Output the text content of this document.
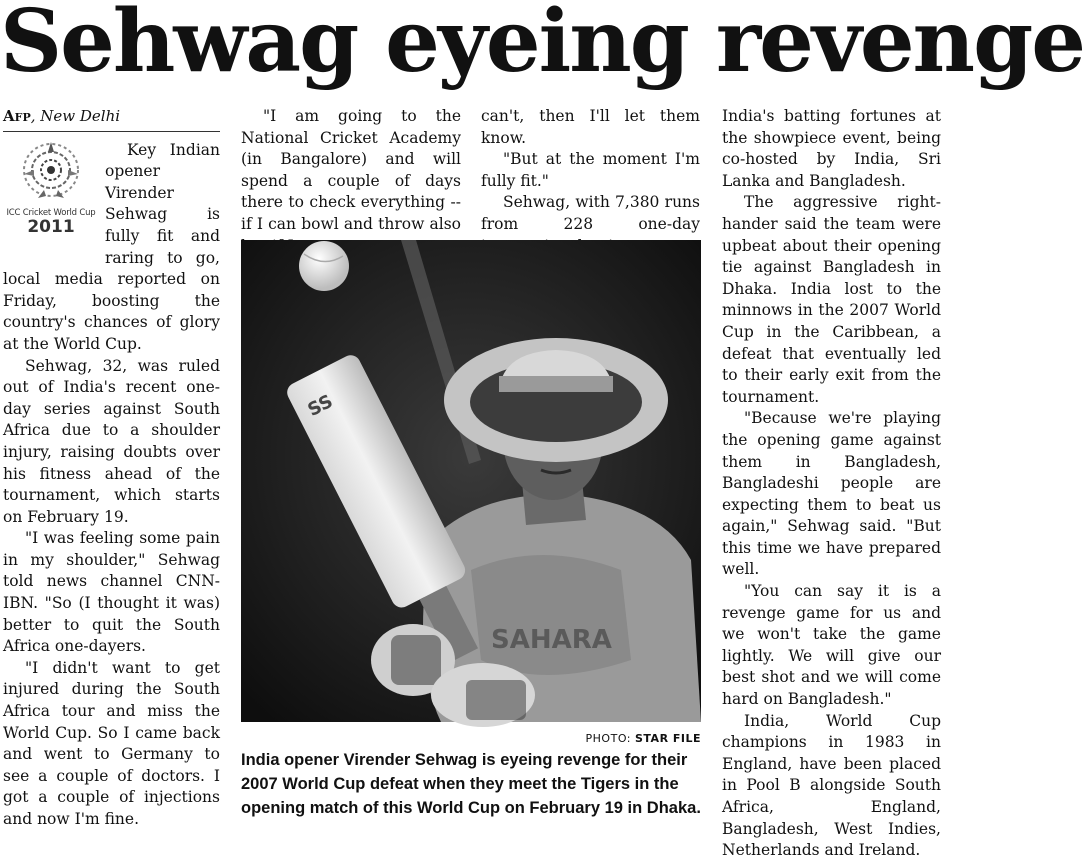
Sehwag eyeing revenge
Afp, New Delhi
ICC Cricket World Cup
2011

Key Indian opener Virender Sehwag is fully fit and raring to go, local media reported on Friday, boosting the country's chances of glory at the World Cup.

Sehwag, 32, was ruled out of India's recent one-day series against South Africa due to a shoulder injury, raising doubts over his fitness ahead of the tournament, which starts on February 19.

"I was feeling some pain in my shoulder," Sehwag told news channel CNN-IBN. "So (I thought it was) better to quit the South Africa one-dayers.

"I didn't want to get injured during the South Africa tour and miss the World Cup. So I came back and went to Germany to see a couple of doctors. I got a couple of injections and now I'm fine.

"I am going to the National Cricket Academy (in Bangalore) and will spend a couple of days there to check everything -- if I can bowl and throw also

can't, then I'll let them know.

"But at the moment I'm fully fit."

Sehwag, with 7,380 runs from 228 one-day

India's batting fortunes at the showpiece event, being co-hosted by India, Sri Lanka and Bangladesh.

The aggressive right-hander said the team were upbeat about their opening tie against Bangladesh in Dhaka. India lost to the minnows in the 2007 World Cup in the Caribbean, a defeat that eventually led to their early exit from the tournament.

"Because we're playing the opening game against them in Bangladesh, Bangladeshi people are expecting them to beat us again," Sehwag said. "But this time we have prepared well.

"You can say it is a revenge game for us and we won't take the game lightly. We will give our best shot and we will come hard on Bangladesh."

India, World Cup champions in 1983 in England, have been placed in Pool B alongside South Africa, England, Bangladesh, West Indies, Netherlands and Ireland.

SS
SAHARA
PHOTO: STAR FILE

India opener Virender Sehwag is eyeing revenge for their 2007 World Cup defeat when they meet the Tigers in the opening match of this World Cup on February 19 in Dhaka.
